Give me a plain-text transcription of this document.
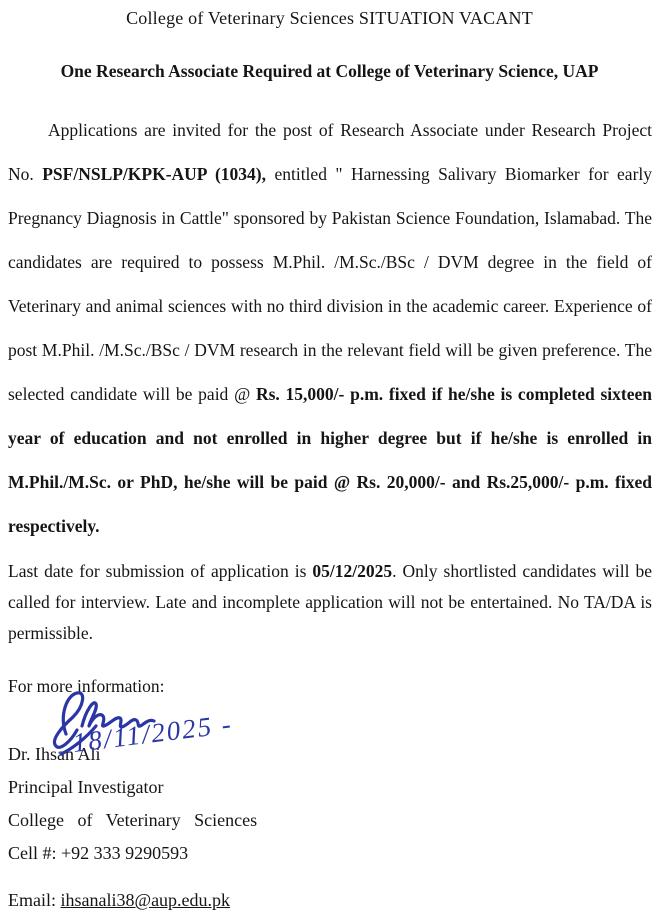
College of Veterinary Sciences SITUATION VACANT
One Research Associate Required at College of Veterinary Science, UAP

Applications are invited for the post of Research Associate under Research Project No. PSF/NSLP/KPK-AUP (1034), entitled " Harnessing Salivary Biomarker for early Pregnancy Diagnosis in Cattle" sponsored by Pakistan Science Foundation, Islamabad. The candidates are required to possess M.Phil. /M.Sc./BSc / DVM degree in the field of Veterinary and animal sciences with no third division in the academic career. Experience of post M.Phil. /M.Sc./BSc / DVM research in the relevant field will be given preference. The selected candidate will be paid @ Rs. 15,000/- p.m. fixed if he/she is completed sixteen year of education and not enrolled in higher degree but if he/she is enrolled in M.Phil./M.Sc. or PhD, he/she will be paid @ Rs. 20,000/- and Rs.25,000/- p.m. fixed respectively.

Last date for submission of application is 05/12/2025. Only shortlisted candidates will be called for interview. Late and incomplete application will not be entertained. No TA/DA is permissible.

For more information:
18/11/2025 -
Dr. Ihsan Ali
Principal Investigator
College of Veterinary Sciences
Cell #: +92 333 9290593
Email: ihsanali38@aup.edu.pk
